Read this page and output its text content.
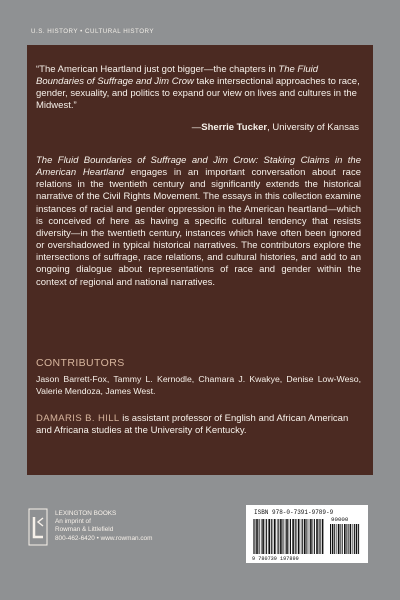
U.S. HISTORY • CULTURAL HISTORY
“The American Heartland just got bigger—the chapters in The Fluid Boundaries of Suffrage and Jim Crow take intersectional approaches to race, gender, sexuality, and politics to expand our view on lives and cultures in the Midwest.”
—Sherrie Tucker, University of Kansas
The Fluid Boundaries of Suffrage and Jim Crow: Staking Claims in the American Heartland engages in an important conversation about race relations in the twentieth century and significantly extends the historical narrative of the Civil Rights Movement. The essays in this collection examine instances of racial and gender oppression in the American heartland—which is conceived of here as having a specific cultural tendency that resists diversity—in the twentieth century, instances which have often been ignored or overshadowed in typical historical narratives. The contributors explore the intersections of suffrage, race relations, and cultural histories, and add to an ongoing dialogue about representations of race and gender within the context of regional and national narratives.
CONTRIBUTORS
Jason Barrett-Fox, Tammy L. Kernodle, Chamara J. Kwakye, Denise Low-Weso, Valerie Mendoza, James West.
DAMARIS B. HILL is assistant professor of English and African American and Africana studies at the University of Kentucky.
LEXINGTON BOOKS
An imprint of
Rowman & Littlefield
800-462-6420 • www.rowman.com
ISBN 978-0-7391-9789-9
90000
9 780739 197899
